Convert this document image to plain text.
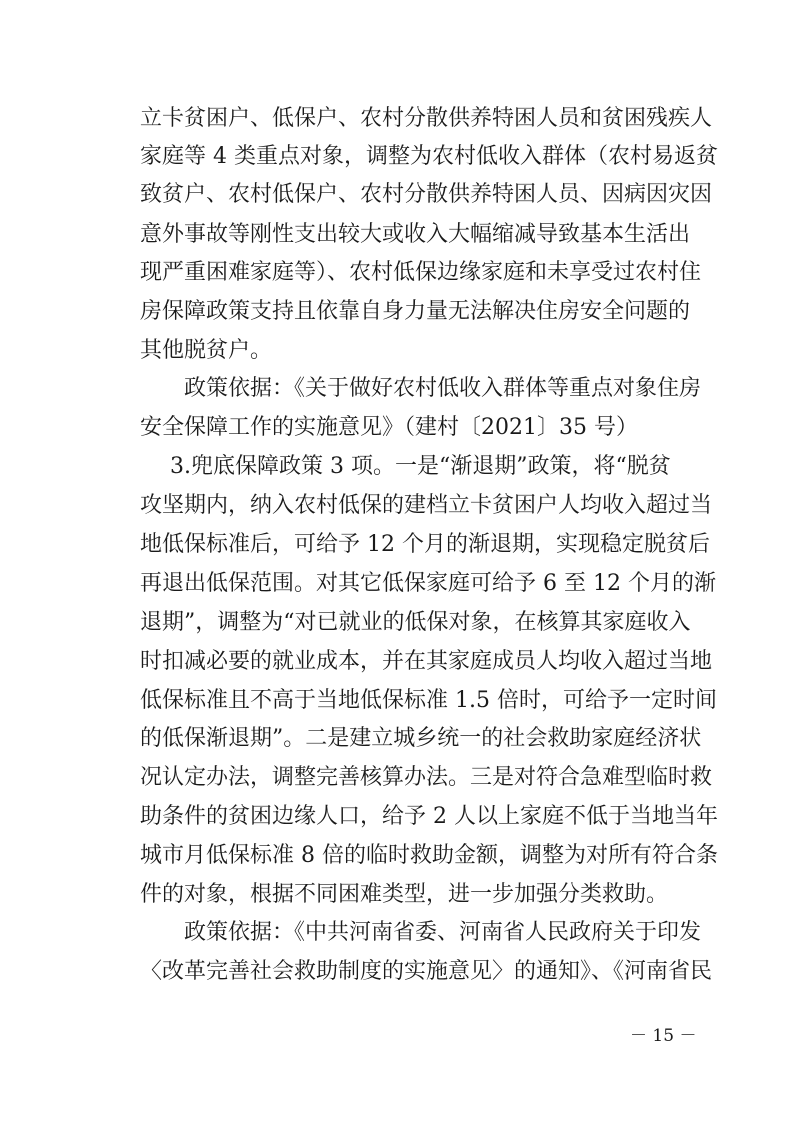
立卡贫困户、低保户、农村分散供养特困人员和贫困残疾人
家庭等 4 类重点对象，调整为农村低收入群体（农村易返贫
致贫户、农村低保户、农村分散供养特困人员、因病因灾因
意外事故等刚性支出较大或收入大幅缩减导致基本生活出
现严重困难家庭等）、农村低保边缘家庭和未享受过农村住
房保障政策支持且依靠自身力量无法解决住房安全问题的
其他脱贫户。
政策依据：《关于做好农村低收入群体等重点对象住房
安全保障工作的实施意见》（建村〔2021〕35 号）
3.兜底保障政策 3 项。一是“渐退期”政策，将“脱贫
攻坚期内，纳入农村低保的建档立卡贫困户人均收入超过当
地低保标准后，可给予 12 个月的渐退期，实现稳定脱贫后
再退出低保范围。对其它低保家庭可给予 6 至 12 个月的渐
退期”，调整为“对已就业的低保对象，在核算其家庭收入
时扣减必要的就业成本，并在其家庭成员人均收入超过当地
低保标准且不高于当地低保标准 1.5 倍时，可给予一定时间
的低保渐退期”。二是建立城乡统一的社会救助家庭经济状
况认定办法，调整完善核算办法。三是对符合急难型临时救
助条件的贫困边缘人口，给予 2 人以上家庭不低于当地当年
城市月低保标准 8 倍的临时救助金额，调整为对所有符合条
件的对象，根据不同困难类型，进一步加强分类救助。
政策依据：《中共河南省委、河南省人民政府关于印发
〈改革完善社会救助制度的实施意见〉的通知》、《河南省民
－ 15 －
